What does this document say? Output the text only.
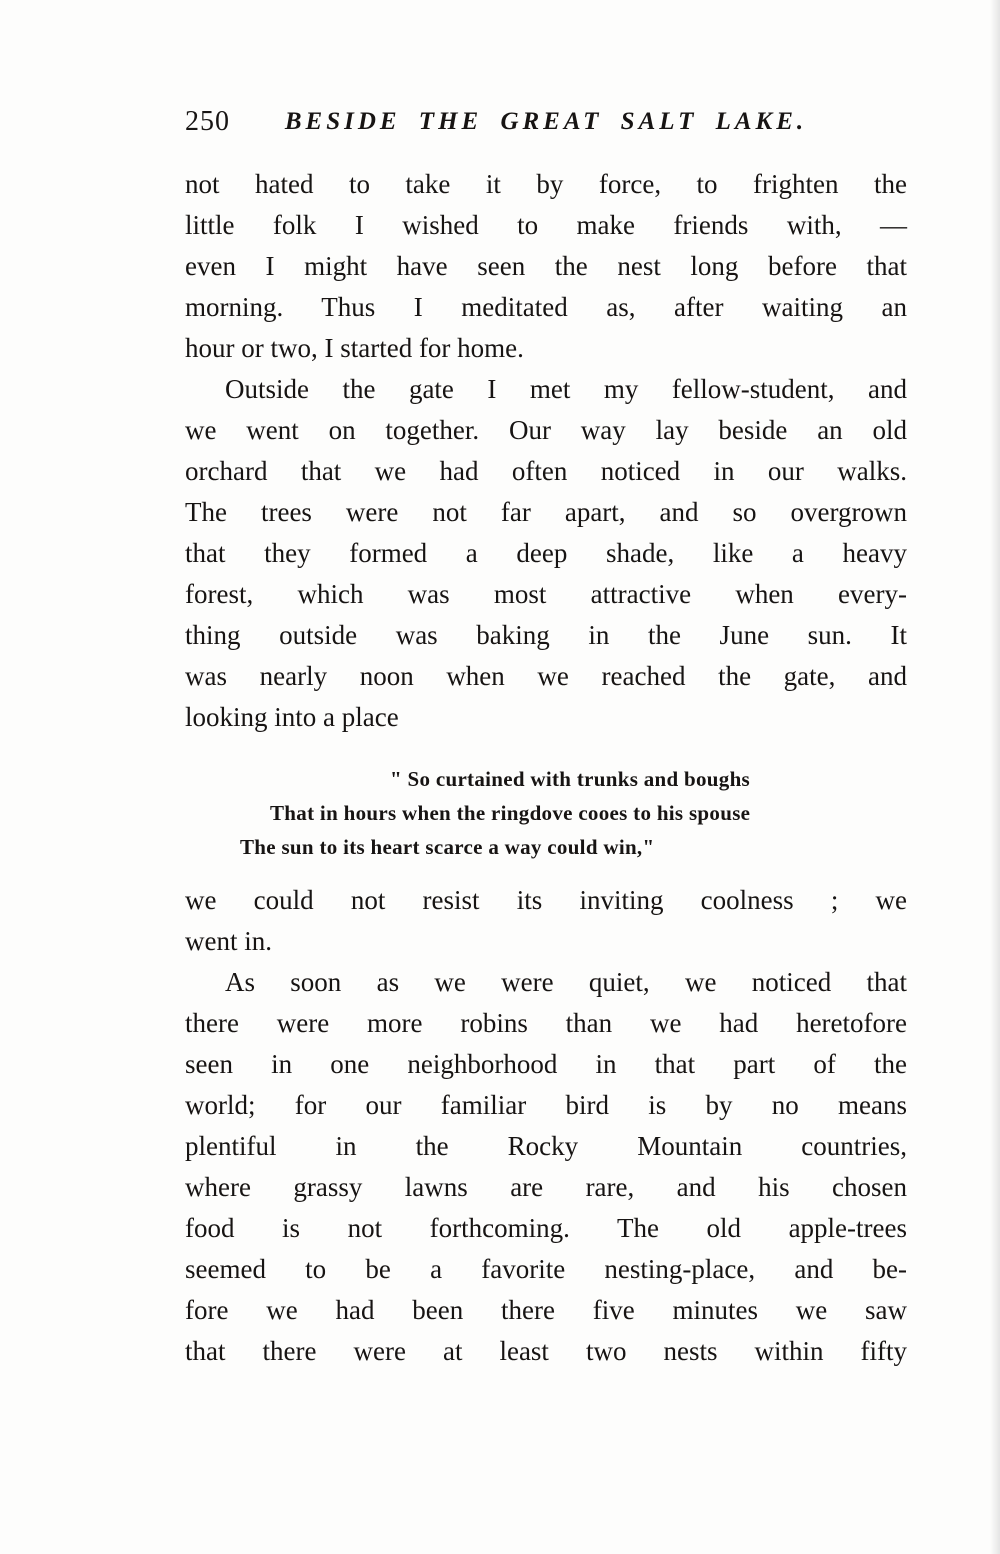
250	BESIDE THE GREAT SALT LAKE.
not hated to take it by force, to frighten the
little folk I wished to make friends with, —
even I might have seen the nest long before that
morning. Thus I meditated as, after waiting an
hour or two, I started for home.
Outside the gate I met my fellow-student, and
we went on together. Our way lay beside an old
orchard that we had often noticed in our walks.
The trees were not far apart, and so overgrown
that they formed a deep shade, like a heavy
forest, which was most attractive when every-
thing outside was baking in the June sun. It
was nearly noon when we reached the gate, and
looking into a place
" So curtained with trunks and boughs
That in hours when the ringdove cooes to his spouse
The sun to its heart scarce a way could win,"
we could not resist its inviting coolness ; we
went in.
As soon as we were quiet, we noticed that
there were more robins than we had heretofore
seen in one neighborhood in that part of the
world; for our familiar bird is by no means
plentiful in the Rocky Mountain countries,
where grassy lawns are rare, and his chosen
food is not forthcoming. The old apple-trees
seemed to be a favorite nesting-place, and be-
fore we had been there five minutes we saw
that there were at least two nests within fifty
